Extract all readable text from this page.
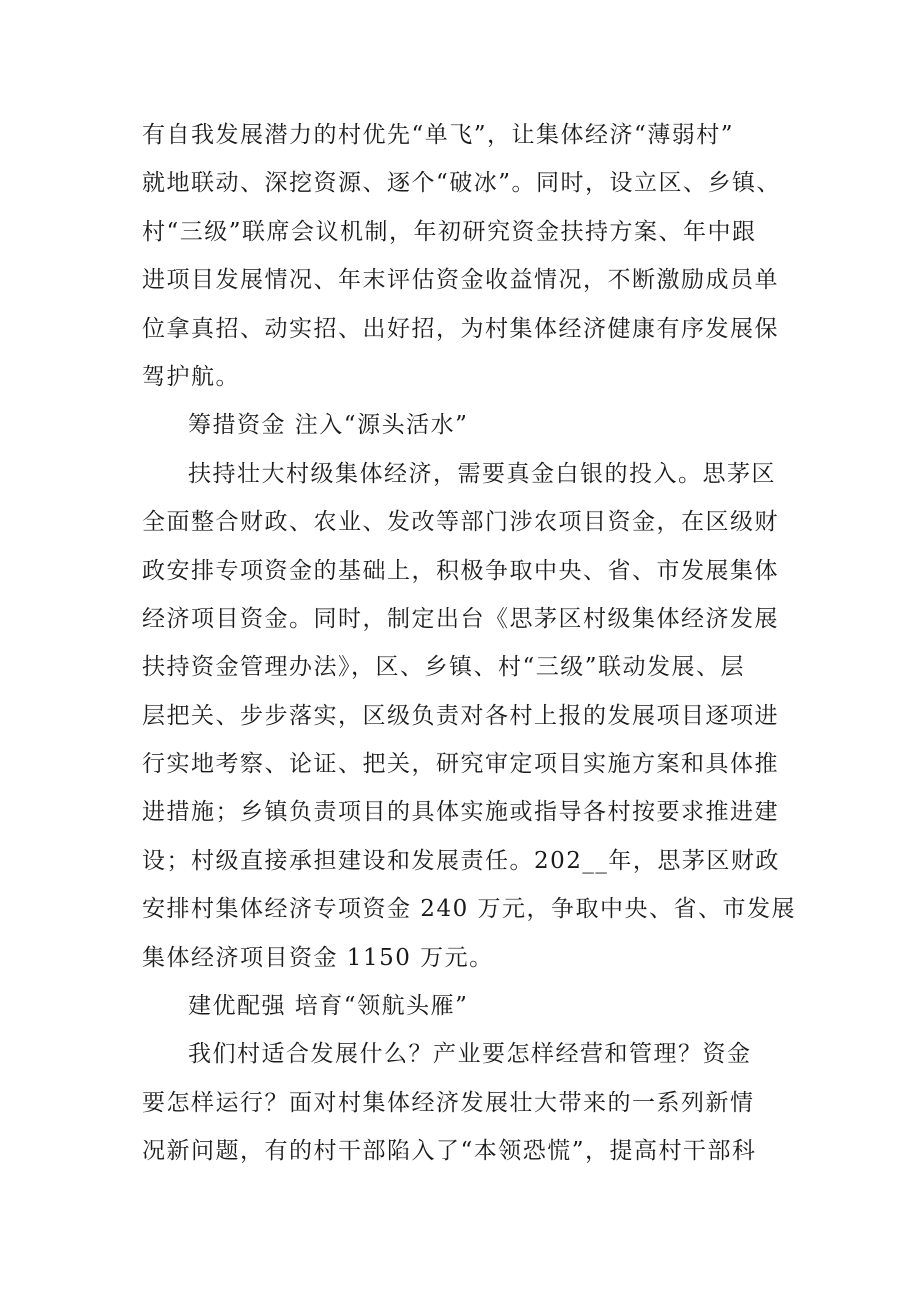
有自我发展潜力的村优先“单飞”，让集体经济“薄弱村”
就地联动、深挖资源、逐个“破冰”。同时，设立区、乡镇、
村“三级”联席会议机制，年初研究资金扶持方案、年中跟
进项目发展情况、年末评估资金收益情况，不断激励成员单
位拿真招、动实招、出好招，为村集体经济健康有序发展保
驾护航。
筹措资金 注入“源头活水”
扶持壮大村级集体经济，需要真金白银的投入。思茅区
全面整合财政、农业、发改等部门涉农项目资金，在区级财
政安排专项资金的基础上，积极争取中央、省、市发展集体
经济项目资金。同时，制定出台《思茅区村级集体经济发展
扶持资金管理办法》，区、乡镇、村“三级”联动发展、层
层把关、步步落实，区级负责对各村上报的发展项目逐项进
行实地考察、论证、把关，研究审定项目实施方案和具体推
进措施；乡镇负责项目的具体实施或指导各村按要求推进建
设；村级直接承担建设和发展责任。202__年，思茅区财政
安排村集体经济专项资金 240 万元，争取中央、省、市发展
集体经济项目资金 1150 万元。
建优配强 培育“领航头雁”
我们村适合发展什么？产业要怎样经营和管理？资金
要怎样运行？面对村集体经济发展壮大带来的一系列新情
况新问题，有的村干部陷入了“本领恐慌”，提高村干部科
